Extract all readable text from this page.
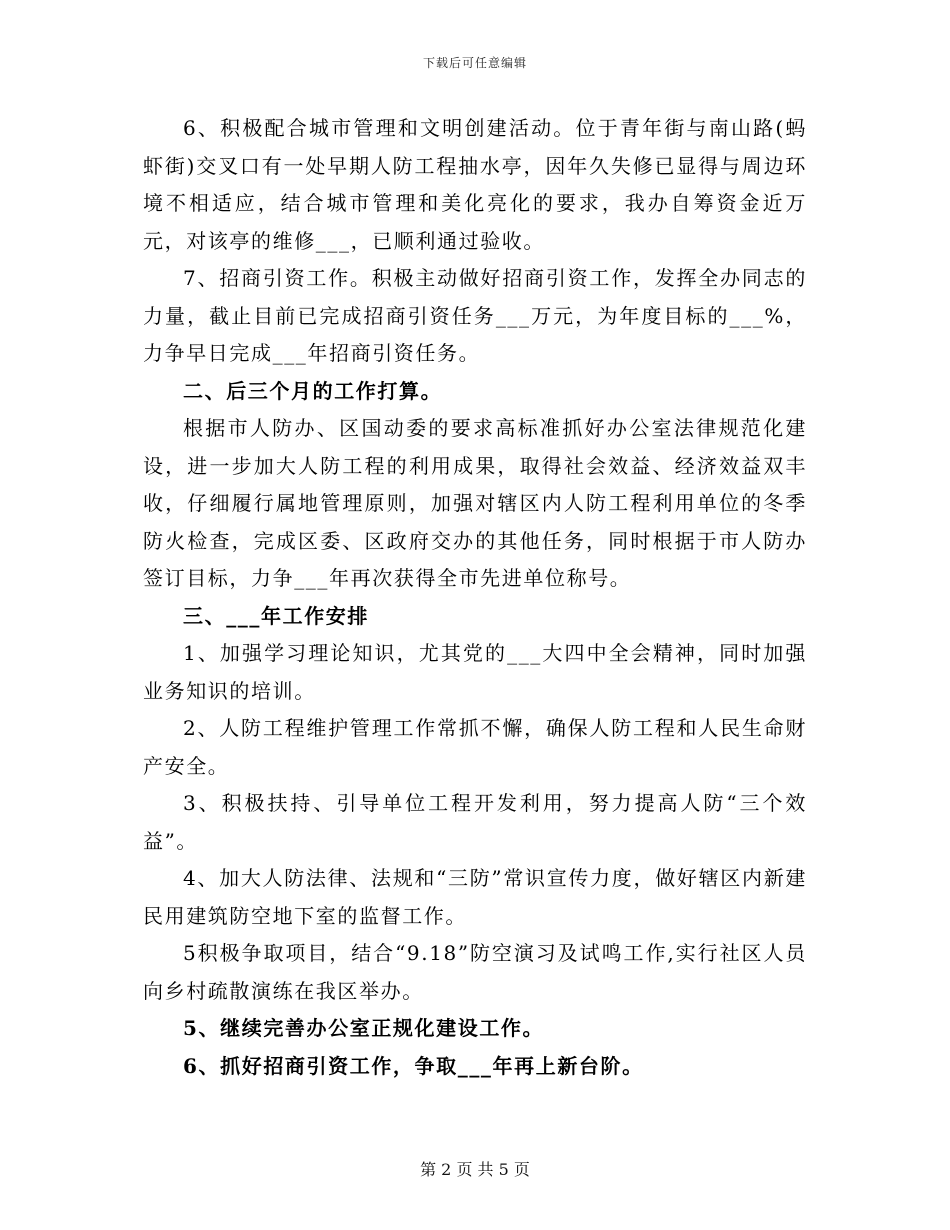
下载后可任意编辑

6、积极配合城市管理和文明创建活动。位于青年街与南山路(蚂虾街)交叉口有一处早期人防工程抽水亭，因年久失修已显得与周边环境不相适应，结合城市管理和美化亮化的要求，我办自筹资金近万元，对该亭的维修___，已顺利通过验收。

7、招商引资工作。积极主动做好招商引资工作，发挥全办同志的力量，截止目前已完成招商引资任务___万元，为年度目标的___%，力争早日完成___年招商引资任务。

二、后三个月的工作打算。

根据市人防办、区国动委的要求高标准抓好办公室法律规范化建设，进一步加大人防工程的利用成果，取得社会效益、经济效益双丰收，仔细履行属地管理原则，加强对辖区内人防工程利用单位的冬季防火检查，完成区委、区政府交办的其他任务，同时根据于市人防办签订目标，力争___年再次获得全市先进单位称号。

三、___年工作安排

1、加强学习理论知识，尤其党的___大四中全会精神，同时加强业务知识的培训。

2、人防工程维护管理工作常抓不懈，确保人防工程和人民生命财产安全。

3、积极扶持、引导单位工程开发利用，努力提高人防“三个效益”。

4、加大人防法律、法规和“三防”常识宣传力度，做好辖区内新建民用建筑防空地下室的监督工作。

5积极争取项目，结合“9.18”防空演习及试鸣工作,实行社区人员向乡村疏散演练在我区举办。

5、继续完善办公室正规化建设工作。

6、抓好招商引资工作，争取___年再上新台阶。

第 2 页 共 5 页
